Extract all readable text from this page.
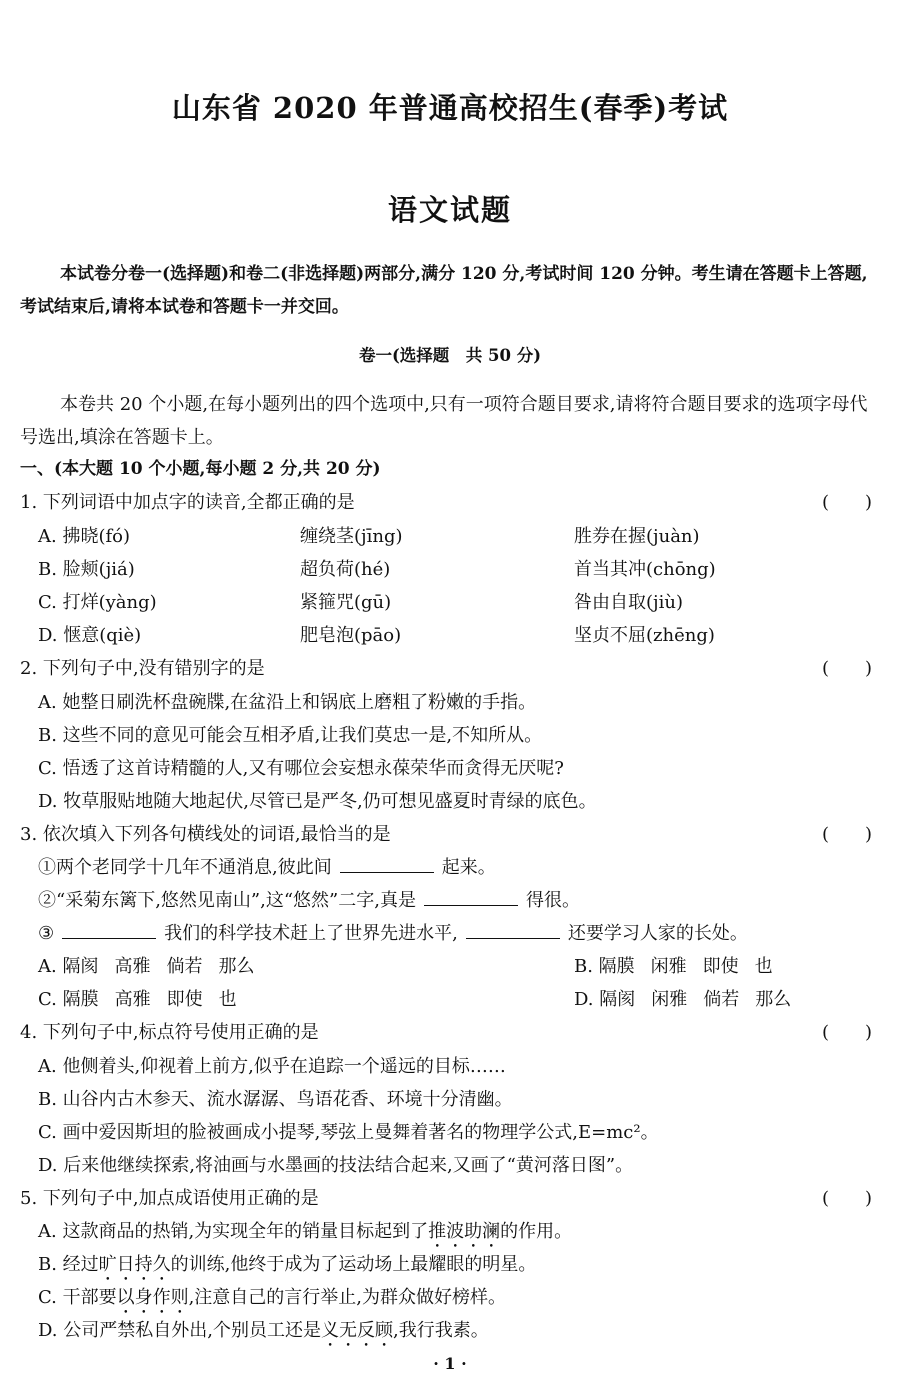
山东省 2020 年普通高校招生(春季)考试
语文试题
本试卷分卷一(选择题)和卷二(非选择题)两部分,满分 120 分,考试时间 120 分钟。考生请在答题卡上答题,考试结束后,请将本试卷和答题卡一并交回。
卷一(选择题　共 50 分)
本卷共 20 个小题,在每小题列出的四个选项中,只有一项符合题目要求,请将符合题目要求的选项字母代号选出,填涂在答题卡上。
一、(本大题 10 个小题,每小题 2 分,共 20 分)
1. 下列词语中加点字的读音,全都正确的是	(　　)
A. 拂晓(fó)	缠绕茎(jīng)	胜券在握(juàn)
B. 脸颊(jiá)	超负荷(hé)	首当其冲(chōng)
C. 打烊(yàng)	紧箍咒(gū)	咎由自取(jiù)
D. 惬意(qiè)	肥皂泡(pāo)	坚贞不屈(zhēng)
2. 下列句子中,没有错别字的是	(　　)
A. 她整日刷洗杯盘碗牒,在盆沿上和锅底上磨粗了粉嫩的手指。
B. 这些不同的意见可能会互相矛盾,让我们莫忠一是,不知所从。
C. 悟透了这首诗精髓的人,又有哪位会妄想永葆荣华而贪得无厌呢?
D. 牧草服贴地随大地起伏,尽管已是严冬,仍可想见盛夏时青绿的底色。
3. 依次填入下列各句横线处的词语,最恰当的是	(　　)
①两个老同学十几年不通消息,彼此间	起来。
②“采菊东篱下,悠然见南山”,这“悠然”二字,真是	得很。
③	我们的科学技术赶上了世界先进水平,	还要学习人家的长处。
A. 隔阂 高雅 倘若 那么	B. 隔膜 闲雅 即使 也
C. 隔膜 高雅 即使 也	D. 隔阂 闲雅 倘若 那么
4. 下列句子中,标点符号使用正确的是	(　　)
A. 他侧着头,仰视着上前方,似乎在追踪一个遥远的目标……
B. 山谷内古木参天、流水潺潺、鸟语花香、环境十分清幽。
C. 画中爱因斯坦的脸被画成小提琴,琴弦上曼舞着著名的物理学公式,E=mc²。
D. 后来他继续探索,将油画与水墨画的技法结合起来,又画了“黄河落日图”。
5. 下列句子中,加点成语使用正确的是	(　　)
A. 这款商品的热销,为实现全年的销量目标起到了推波助澜的作用。
B. 经过旷日持久的训练,他终于成为了运动场上最耀眼的明星。
C. 干部要以身作则,注意自己的言行举止,为群众做好榜样。
D. 公司严禁私自外出,个别员工还是义无反顾,我行我素。
· 1 ·
